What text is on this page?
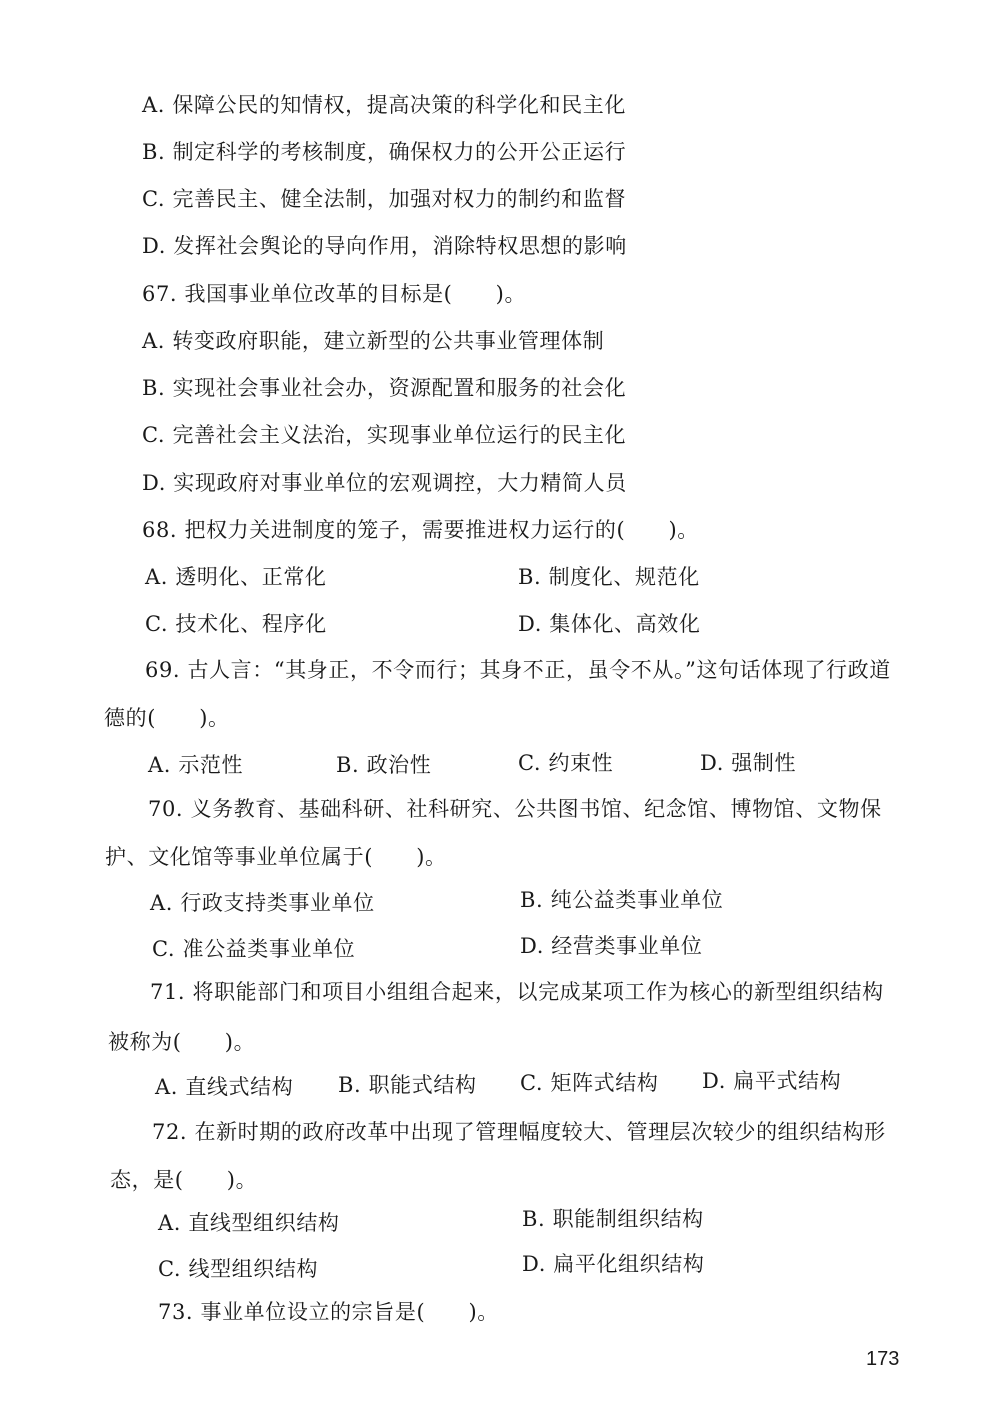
A. 保障公民的知情权，提高决策的科学化和民主化
B. 制定科学的考核制度，确保权力的公开公正运行
C. 完善民主、健全法制，加强对权力的制约和监督
D. 发挥社会舆论的导向作用，消除特权思想的影响
67. 我国事业单位改革的目标是(　　)。
A. 转变政府职能，建立新型的公共事业管理体制
B. 实现社会事业社会办，资源配置和服务的社会化
C. 完善社会主义法治，实现事业单位运行的民主化
D. 实现政府对事业单位的宏观调控，大力精简人员
68. 把权力关进制度的笼子，需要推进权力运行的(　　)。
A. 透明化、正常化	B. 制度化、规范化
C. 技术化、程序化	D. 集体化、高效化
69. 古人言：“其身正，不令而行；其身不正，虽令不从。”这句话体现了行政道
德的(　　)。
A. 示范性	B. 政治性	C. 约束性	D. 强制性
70. 义务教育、基础科研、社科研究、公共图书馆、纪念馆、博物馆、文物保
护、文化馆等事业单位属于(　　)。
A. 行政支持类事业单位	B. 纯公益类事业单位
C. 准公益类事业单位	D. 经营类事业单位
71. 将职能部门和项目小组组合起来，以完成某项工作为核心的新型组织结构
被称为(　　)。
A. 直线式结构 B. 职能式结构 C. 矩阵式结构 D. 扁平式结构
72. 在新时期的政府改革中出现了管理幅度较大、管理层次较少的组织结构形
态，是(　　)。
A. 直线型组织结构	B. 职能制组织结构
C. 线型组织结构	D. 扁平化组织结构
73. 事业单位设立的宗旨是(　　)。
173
